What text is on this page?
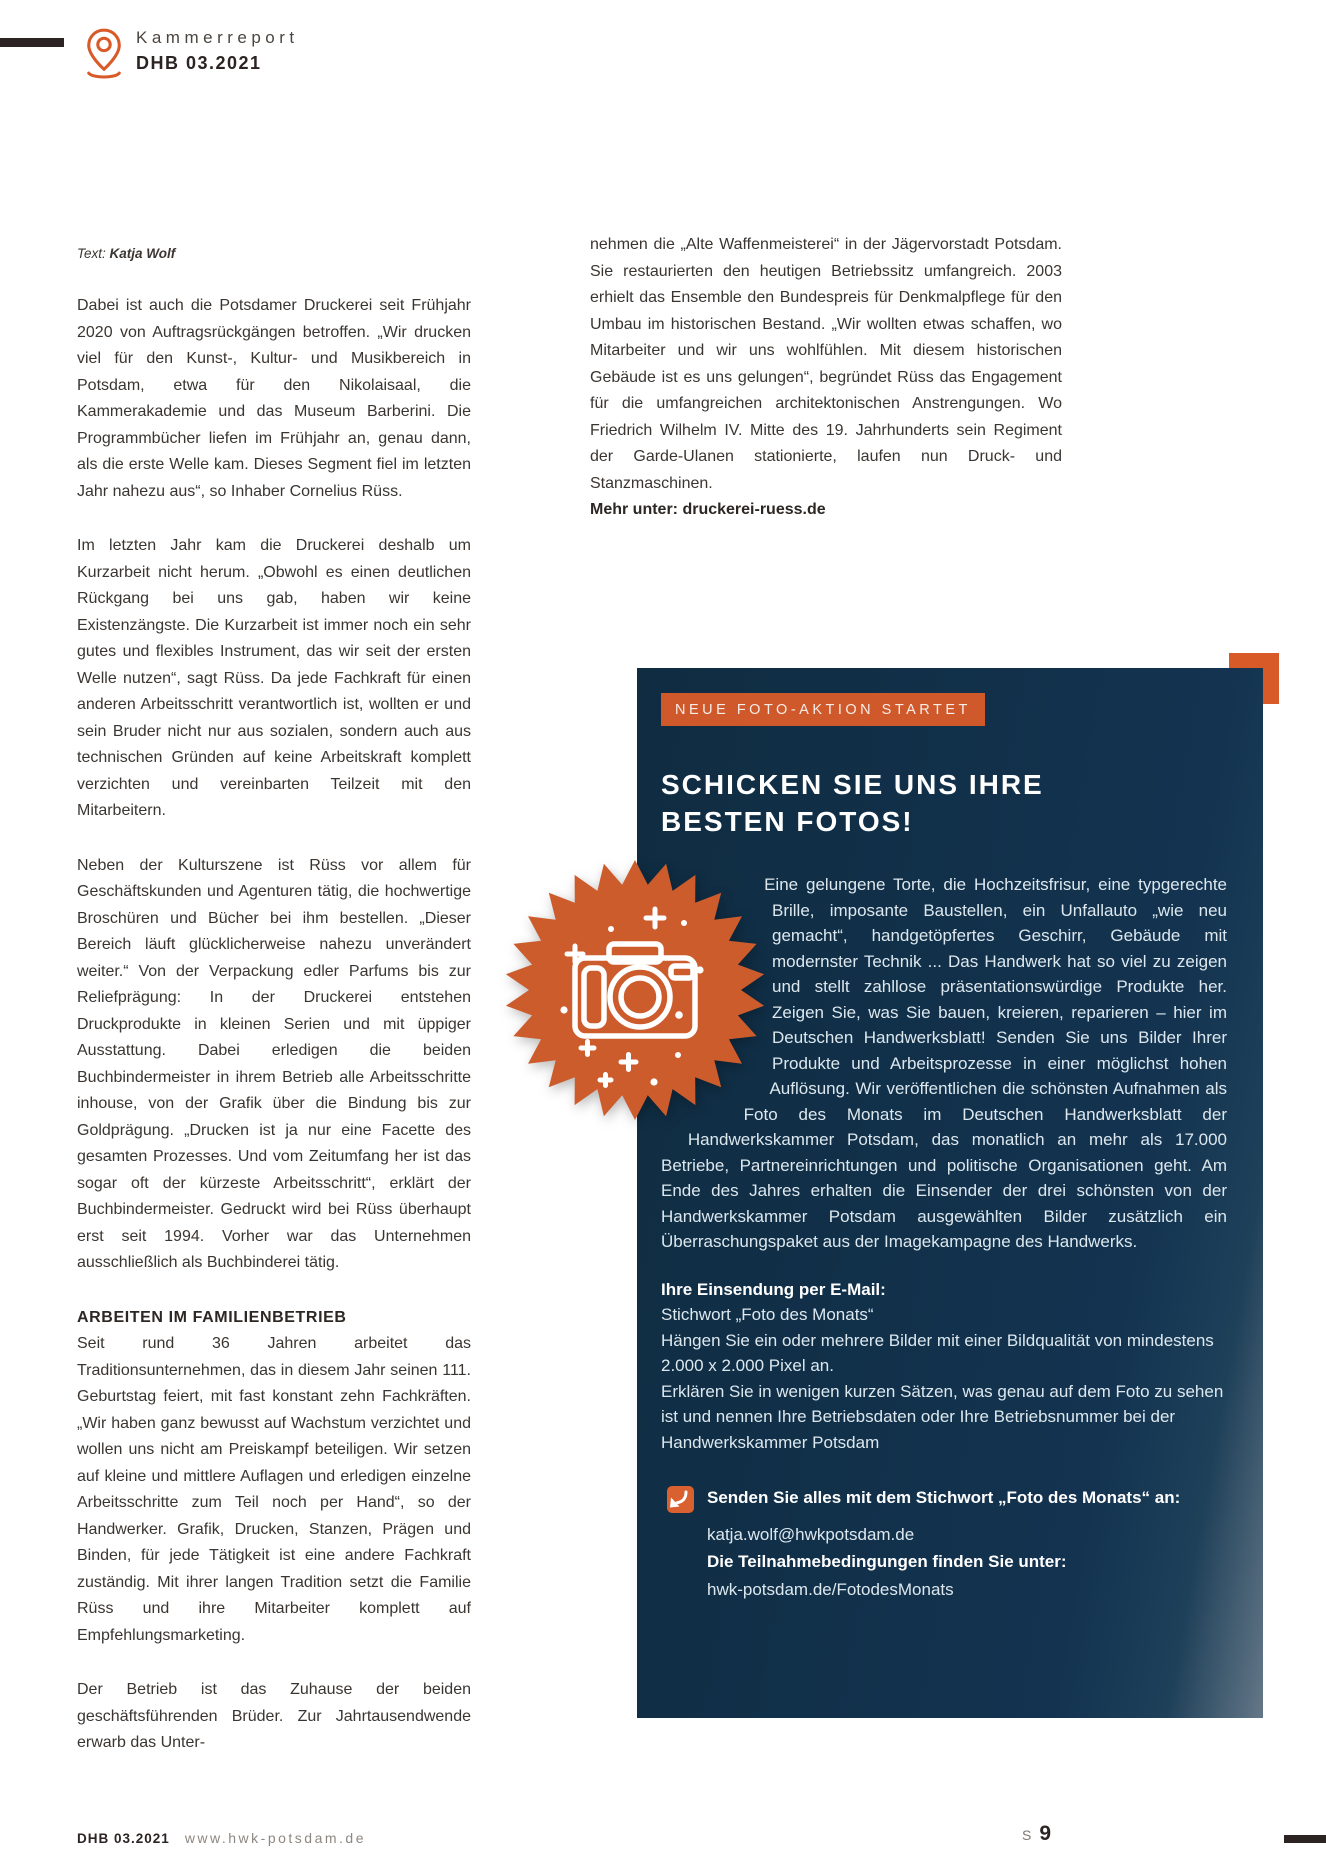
Kammerreport
DHB 03.2021
Text: Katja Wolf

Dabei ist auch die Potsdamer Druckerei seit Frühjahr 2020 von Auftragsrückgängen betroffen. „Wir drucken viel für den Kunst-, Kultur- und Musikbereich in Potsdam, etwa für den Nikolaisaal, die Kammerakademie und das Museum Barberini. Die Programmbücher liefen im Frühjahr an, genau dann, als die erste Welle kam. Dieses Segment fiel im letzten Jahr nahezu aus“, so Inhaber Cornelius Rüss.

Im letzten Jahr kam die Druckerei deshalb um Kurzarbeit nicht herum. „Obwohl es einen deutlichen Rückgang bei uns gab, haben wir keine Existenzängste. Die Kurzarbeit ist immer noch ein sehr gutes und flexibles Instrument, das wir seit der ersten Welle nutzen“, sagt Rüss. Da jede Fachkraft für einen anderen Arbeitsschritt verantwortlich ist, wollten er und sein Bruder nicht nur aus sozialen, sondern auch aus technischen Gründen auf keine Arbeitskraft komplett verzichten und vereinbarten Teilzeit mit den Mitarbeitern.

Neben der Kulturszene ist Rüss vor allem für Geschäftskunden und Agenturen tätig, die hochwertige Broschüren und Bücher bei ihm bestellen. „Dieser Bereich läuft glücklicherweise nahezu unverändert weiter.“ Von der Verpackung edler Parfums bis zur Reliefprägung: In der Druckerei entstehen Druckprodukte in kleinen Serien und mit üppiger Ausstattung. Dabei erledigen die beiden Buchbindermeister in ihrem Betrieb alle Arbeitsschritte inhouse, von der Grafik über die Bindung bis zur Goldprägung. „Drucken ist ja nur eine Facette des gesamten Prozesses. Und vom Zeitumfang her ist das sogar oft der kürzeste Arbeitsschritt“, erklärt der Buchbindermeister. Gedruckt wird bei Rüss überhaupt erst seit 1994. Vorher war das Unternehmen ausschließlich als Buchbinderei tätig.

ARBEITEN IM FAMILIENBETRIEB

Seit rund 36 Jahren arbeitet das Traditionsunternehmen, das in diesem Jahr seinen 111. Geburtstag feiert, mit fast konstant zehn Fachkräften. „Wir haben ganz bewusst auf Wachstum verzichtet und wollen uns nicht am Preiskampf beteiligen. Wir setzen auf kleine und mittlere Auflagen und erledigen einzelne Arbeitsschritte zum Teil noch per Hand“, so der Handwerker. Grafik, Drucken, Stanzen, Prägen und Binden, für jede Tätigkeit ist eine andere Fachkraft zuständig. Mit ihrer langen Tradition setzt die Familie Rüss und ihre Mitarbeiter komplett auf Empfehlungsmarketing.

Der Betrieb ist das Zuhause der beiden geschäftsführenden Brüder. Zur Jahrtausendwende erwarb das Unter-

nehmen die „Alte Waffenmeisterei“ in der Jägervorstadt Potsdam. Sie restaurierten den heutigen Betriebssitz umfangreich. 2003 erhielt das Ensemble den Bundespreis für Denkmalpflege für den Umbau im historischen Bestand. „Wir wollten etwas schaffen, wo Mitarbeiter und wir uns wohlfühlen. Mit diesem historischen Gebäude ist es uns gelungen“, begründet Rüss das Engagement für die umfangreichen architektonischen Anstrengungen. Wo Friedrich Wilhelm IV. Mitte des 19. Jahrhunderts sein Regiment der Garde-Ulanen stationierte, laufen nun Druck- und Stanzmaschinen.

Mehr unter: druckerei-ruess.de
NEUE FOTO-AKTION STARTET
SCHICKEN SIE UNS IHRE
BESTEN FOTOS!

Eine gelungene Torte, die Hochzeitsfrisur, eine typgerechte Brille, imposante Baustellen, ein Unfallauto „wie neu gemacht“, handgetöpfertes Geschirr, Gebäude mit modernster Technik ... Das Handwerk hat so viel zu zeigen und stellt zahllose präsentationswürdige Produkte her. Zeigen Sie, was Sie bauen, kreieren, reparieren – hier im Deutschen Handwerksblatt! Senden Sie uns Bilder Ihrer Produkte und Arbeitsprozesse in einer möglichst hohen Auflösung. Wir veröffentlichen die schönsten Aufnahmen als Foto des Monats im Deutschen Handwerksblatt der Handwerkskammer Potsdam, das monatlich an mehr als 17.000 Betriebe, Partnereinrichtungen und politische Organisationen geht. Am Ende des Jahres erhalten die Einsender der drei schönsten von der Handwerkskammer Potsdam ausgewählten Bilder zusätzlich ein Überraschungspaket aus der Imagekampagne des Handwerks.

Ihre Einsendung per E-Mail:
Stichwort „Foto des Monats“
Hängen Sie ein oder mehrere Bilder mit einer Bildqualität von mindestens 2.000 x 2.000 Pixel an.
Erklären Sie in wenigen kurzen Sätzen, was genau auf dem Foto zu sehen ist und nennen Ihre Betriebsdaten oder Ihre Betriebsnummer bei der Handwerkskammer Potsdam
Senden Sie alles mit dem Stichwort „Foto des Monats“ an:
katja.wolf@hwkpotsdam.de
Die Teilnahmebedingungen finden Sie unter:
hwk-potsdam.de/FotodesMonats
DHB 03.2021 www.hwk-potsdam.de	S 9
